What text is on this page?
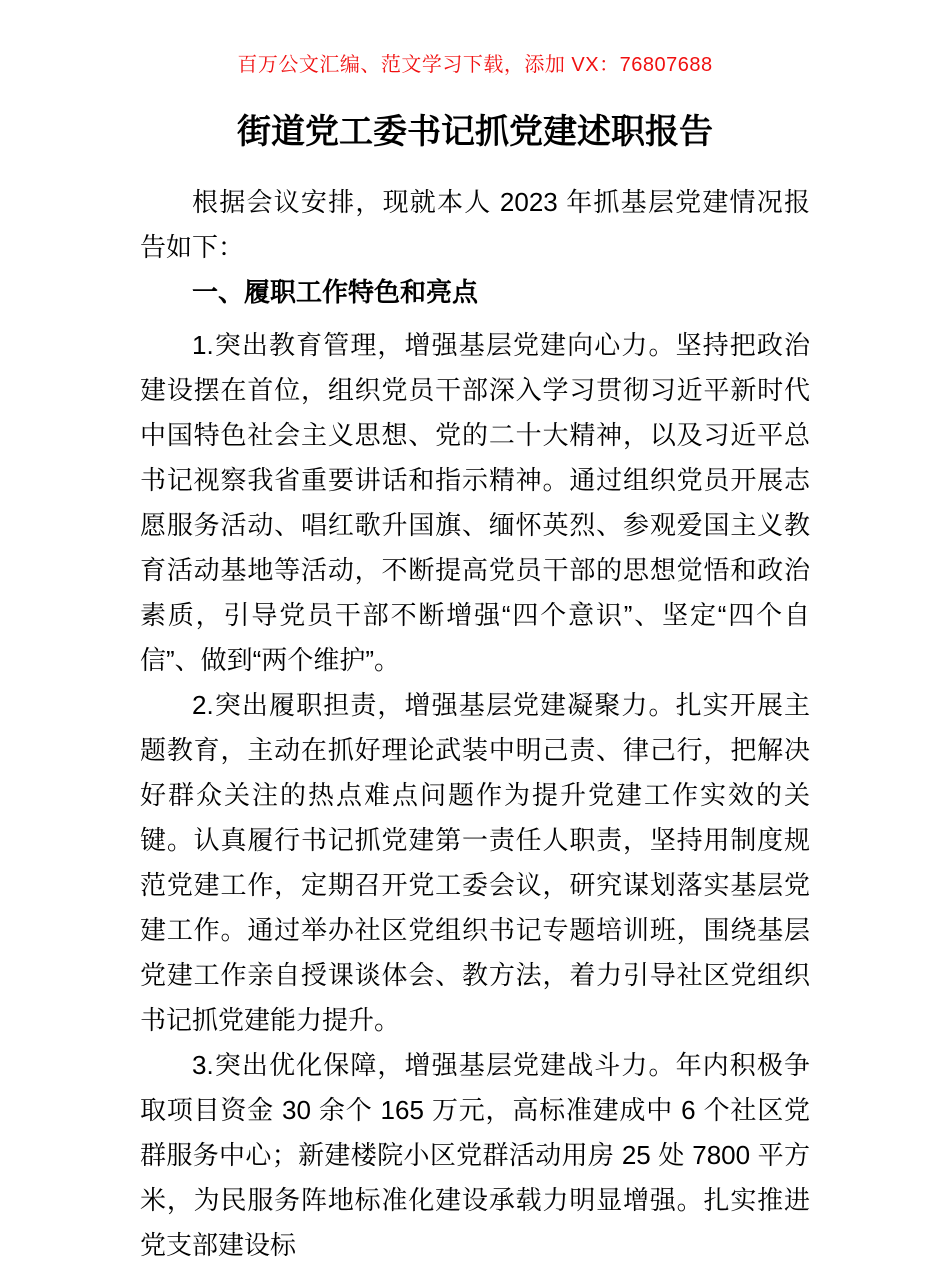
百万公文汇编、范文学习下载，添加 VX：76807688
街道党工委书记抓党建述职报告

根据会议安排，现就本人 2023 年抓基层党建情况报告如下：

一、履职工作特色和亮点

1.突出教育管理，增强基层党建向心力。坚持把政治建设摆在首位，组织党员干部深入学习贯彻习近平新时代中国特色社会主义思想、党的二十大精神，以及习近平总书记视察我省重要讲话和指示精神。通过组织党员开展志愿服务活动、唱红歌升国旗、缅怀英烈、参观爱国主义教育活动基地等活动，不断提高党员干部的思想觉悟和政治素质，引导党员干部不断增强“四个意识”、坚定“四个自信”、做到“两个维护”。

2.突出履职担责，增强基层党建凝聚力。扎实开展主题教育，主动在抓好理论武装中明己责、律己行，把解决好群众关注的热点难点问题作为提升党建工作实效的关键。认真履行书记抓党建第一责任人职责，坚持用制度规范党建工作，定期召开党工委会议，研究谋划落实基层党建工作。通过举办社区党组织书记专题培训班，围绕基层党建工作亲自授课谈体会、教方法，着力引导社区党组织书记抓党建能力提升。

3.突出优化保障，增强基层党建战斗力。年内积极争取项目资金 30 余个 165 万元，高标准建成中 6 个社区党群服务中心；新建楼院小区党群活动用房 25 处 7800 平方米，为民服务阵地标准化建设承载力明显增强。扎实推进党支部建设标
